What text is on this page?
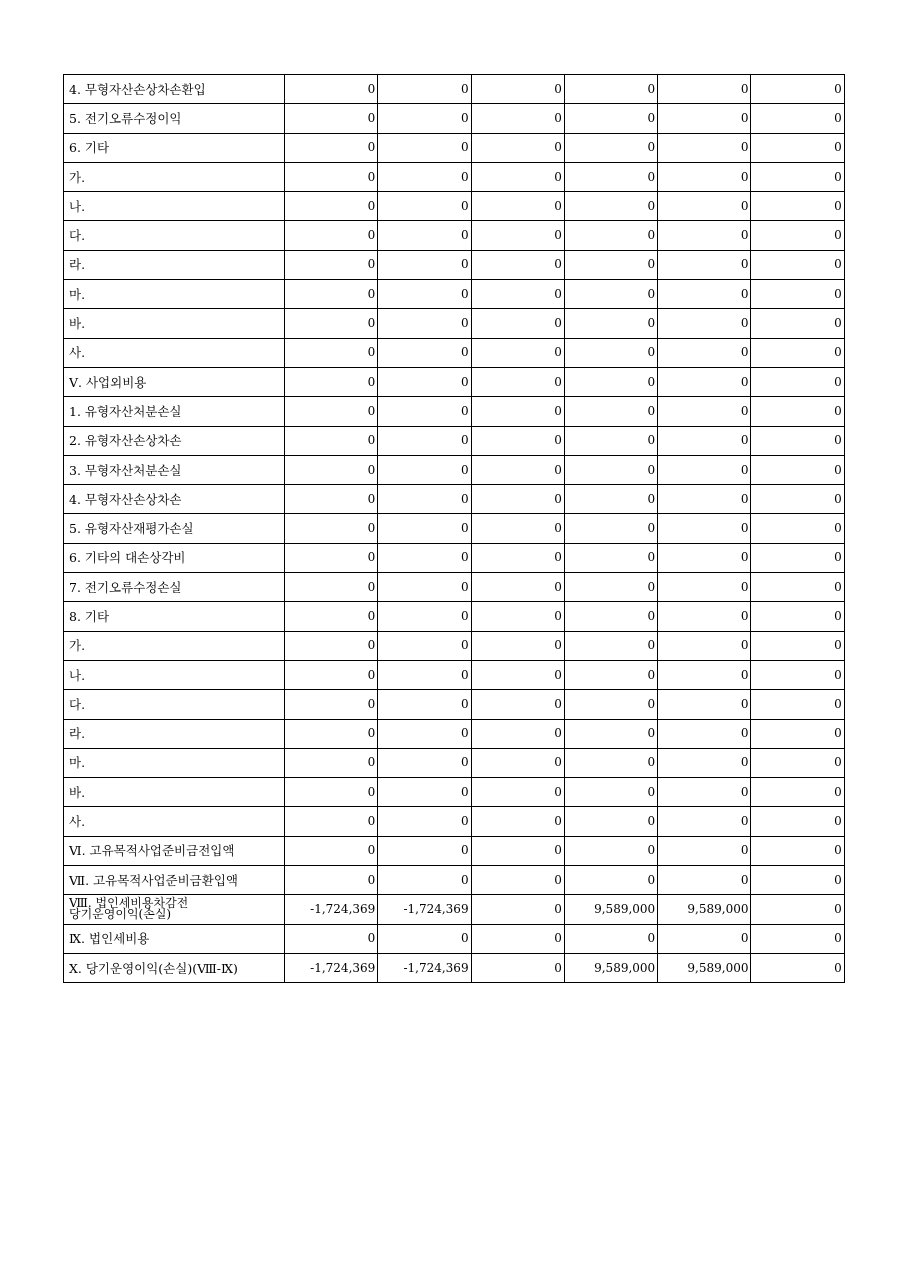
4. 무형자산손상차손환입	0	0	0	0	0	0
5. 전기오류수정이익	0	0	0	0	0	0
6. 기타	0	0	0	0	0	0
가.	0	0	0	0	0	0
나.	0	0	0	0	0	0
다.	0	0	0	0	0	0
라.	0	0	0	0	0	0
마.	0	0	0	0	0	0
바.	0	0	0	0	0	0
사.	0	0	0	0	0	0
Ⅴ. 사업외비용	0	0	0	0	0	0
1. 유형자산처분손실	0	0	0	0	0	0
2. 유형자산손상차손	0	0	0	0	0	0
3. 무형자산처분손실	0	0	0	0	0	0
4. 무형자산손상차손	0	0	0	0	0	0
5. 유형자산재평가손실	0	0	0	0	0	0
6. 기타의 대손상각비	0	0	0	0	0	0
7. 전기오류수정손실	0	0	0	0	0	0
8. 기타	0	0	0	0	0	0
가.	0	0	0	0	0	0
나.	0	0	0	0	0	0
다.	0	0	0	0	0	0
라.	0	0	0	0	0	0
마.	0	0	0	0	0	0
바.	0	0	0	0	0	0
사.	0	0	0	0	0	0
Ⅵ. 고유목적사업준비금전입액	0	0	0	0	0	0
Ⅶ. 고유목적사업준비금환입액	0	0	0	0	0	0

Ⅷ. 법인세비용차감전
당기운영이익(손실)	-1,724,369	-1,724,369	0	9,589,000	9,589,000	0
Ⅸ. 법인세비용	0	0	0	0	0	0
Ⅹ. 당기운영이익(손실)(Ⅷ-Ⅸ)	-1,724,369	-1,724,369	0	9,589,000	9,589,000	0
